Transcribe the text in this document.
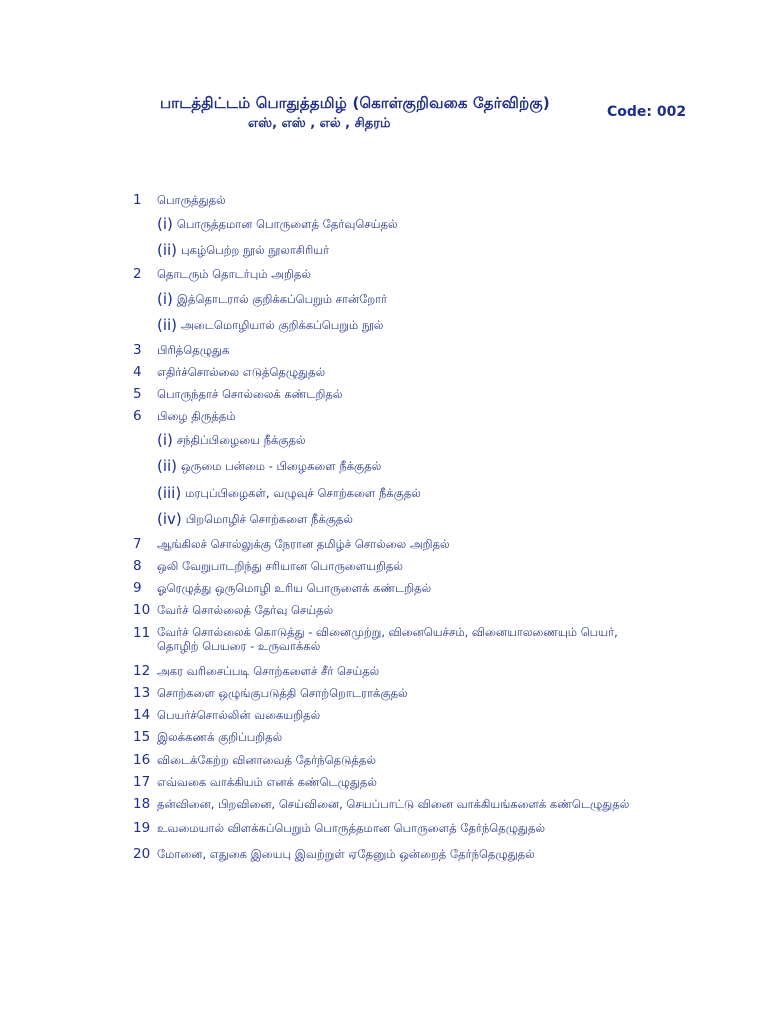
பாடத்திட்டம் பொதுத்தமிழ் (கொள்குறிவகை தேர்விற்கு)
எஸ், எஸ் , எல் , சிதரம்
Code: 002
1 பொருத்துதல்
(i) பொருத்தமான பொருளைத் தேர்வுசெய்தல்
(ii) புகழ்பெற்ற நூல் நூலாசிரியர்
2 தொடரும் தொடர்பும் அறிதல்
(i) இத்தொடரால் குறிக்கப்பெறும் சான்றோர்
(ii) அடைமொழியால் குறிக்கப்பெறும் நூல்
3 பிரித்தெழுதுக
4 எதிர்ச்சொல்லை எடுத்தெழுதுதல்
5 பொருந்தாச் சொல்லைக் கண்டறிதல்
6 பிழை திருத்தம்
(i) சந்திப்பிழையை நீக்குதல்
(ii) ஒருமை பன்மை - பிழைகளை நீக்குதல்
(iii) மரபுப்பிழைகள், வழுவுச் சொற்களை நீக்குதல்
(iv) பிறமொழிச் சொற்களை நீக்குதல்
7 ஆங்கிலச் சொல்லுக்கு நேரான தமிழ்ச் சொல்லை அறிதல்
8 ஒலி வேறுபாடறிந்து சரியான பொருளையறிதல்
9 ஓரெழுத்து ஒருமொழி உரிய பொருளைக் கண்டறிதல்
10 வேர்ச் சொல்லைத் தேர்வு செய்தல்
11 வேர்ச் சொல்லைக் கொடுத்து - வினைமுற்று, வினையெச்சம், வினையாலணையும் பெயர், தொழிற் பெயரை - உருவாக்கல்
12 அகர வரிசைப்படி சொற்களைச் சீர் செய்தல்
13 சொற்களை ஒழுங்குபடுத்தி சொற்றொடராக்குதல்
14 பெயர்ச்சொல்லின் வகையறிதல்
15 இலக்கணக் குறிப்பறிதல்
16 விடைக்கேற்ற வினாவைத் தேர்ந்தெடுத்தல்
17 எவ்வகை வாக்கியம் எனக் கண்டெழுதுதல்
18 தன்வினை, பிறவினை, செய்வினை, செயப்பாட்டு வினை வாக்கியங்களைக் கண்டெழுதுதல்
19 உவமையால் விளக்கப்பெறும் பொருத்தமான பொருளைத் தேர்ந்தெழுதுதல்
20 மோனை, எதுகை இயைபு இவற்றுள் ஏதேனும் ஒன்றைத் தேர்ந்தெழுதுதல்
